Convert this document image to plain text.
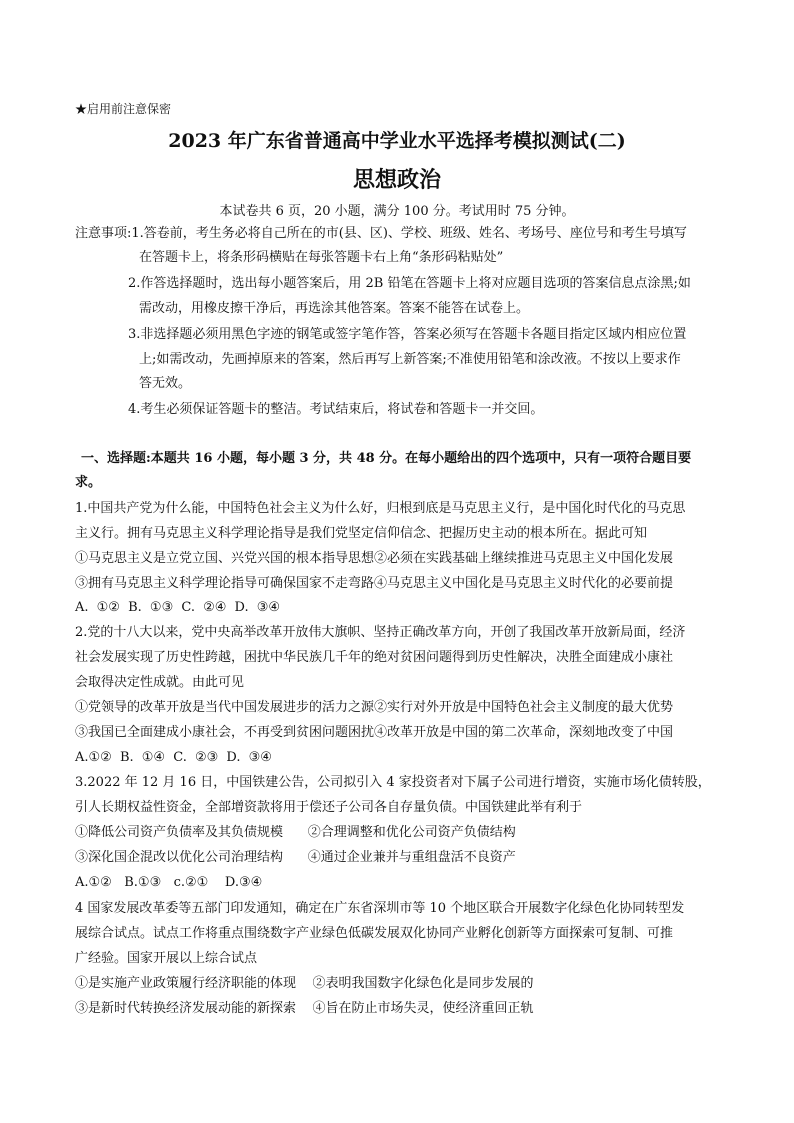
★启用前注意保密
2023 年广东省普通高中学业水平选择考模拟测试(二)
思想政治
本试卷共 6 页，20 小题，满分 100 分。考试用时 75 分钟。
注意事项:1.答卷前，考生务必将自己所在的市(县、区)、学校、班级、姓名、考场号、座位号和考生号填写
在答题卡上，将条形码横贴在每张答题卡右上角“条形码粘贴处”
2.作答选择题时，选出每小题答案后，用 2B 铅笔在答题卡上将对应题目选项的答案信息点涂黑;如
需改动，用橡皮擦干净后，再选涂其他答案。答案不能答在试卷上。
3.非选择题必须用黑色字迹的钢笔或签字笔作答，答案必须写在答题卡各题目指定区域内相应位置
上;如需改动，先画掉原来的答案，然后再写上新答案;不准使用铅笔和涂改液。不按以上要求作
答无效。
4.考生必须保证答题卡的整洁。考试结束后，将试卷和答题卡一并交回。
一、选择题:本题共 16 小题，每小题 3 分，共 48 分。在每小题给出的四个选项中，只有一项符合题目要
求。
1.中国共产党为什么能，中国特色社会主义为什么好，归根到底是马克思主义行，是中国化时代化的马克思
主义行。拥有马克思主义科学理论指导是我们党坚定信仰信念、把握历史主动的根本所在。据此可知
①马克思主义是立党立国、兴党兴国的根本指导思想②必须在实践基础上继续推进马克思主义中国化发展
③拥有马克思主义科学理论指导可确保国家不走弯路④马克思主义中国化是马克思主义时代化的必要前提
A. ①② B. ①③ C. ②④ D. ③④
2.党的十八大以来，党中央高举改革开放伟大旗帜、坚持正确改革方向，开创了我国改革开放新局面，经济
社会发展实现了历史性跨越，困扰中华民族几千年的绝对贫困问题得到历史性解决，决胜全面建成小康社
会取得决定性成就。由此可见
①党领导的改革开放是当代中国发展进步的活力之源②实行对外开放是中国特色社会主义制度的最大优势
③我国已全面建成小康社会，不再受到贫困问题困扰④改革开放是中国的第二次革命，深刻地改变了中国
A.①② B. ①④ C. ②③ D. ③④
3.2022 年 12 月 16 日，中国铁建公告，公司拟引入 4 家投资者对下属子公司进行增资，实施市场化债转股，
引人长期权益性资金，全部增资款将用于偿还子公司各自存量负债。中国铁建此举有利于
①降低公司资产负债率及其负债规模      ②合理调整和优化公司资产负债结构
③深化国企混改以优化公司治理结构      ④通过企业兼并与重组盘活不良资产
A.①②   B.①③   c.②①    D.③④
4 国家发展改革委等五部门印发通知，确定在广东省深圳市等 10 个地区联合开展数字化绿色化协同转型发
展综合试点。试点工作将重点围绕数字产业绿色低碳发展双化协同产业孵化创新等方面探索可复制、可推
广经验。国家开展以上综合试点
①是实施产业政策履行经济职能的体现    ②表明我国数字化绿色化是同步发展的
③是新时代转换经济发展动能的新探索    ④旨在防止市场失灵，使经济重回正轨
